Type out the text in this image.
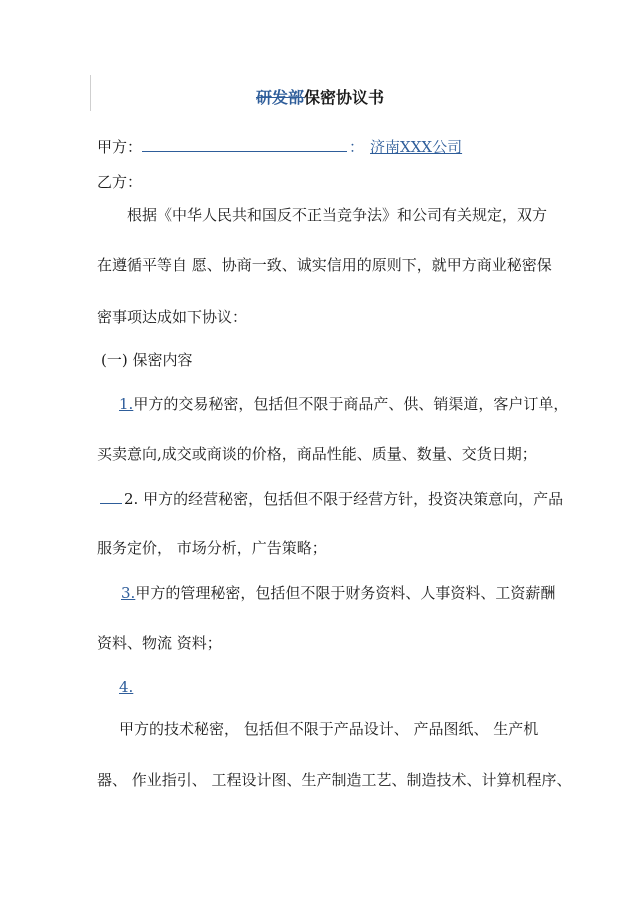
研发部保密协议书
甲方：	： 济南XXX公司
乙方：
根据《中华人民共和国反不正当竞争法》和公司有关规定，双方
在遵循平等自 愿、协商一致、诚实信用的原则下，就甲方商业秘密保
密事项达成如下协议：
(一) 保密内容
1.甲方的交易秘密，包括但不限于商品产、供、销渠道，客户订单，
买卖意向,成交或商谈的价格，商品性能、质量、数量、交货日期；
2. 甲方的经营秘密，包括但不限于经营方针，投资决策意向，产品
服务定价， 市场分析，广告策略；
3.甲方的管理秘密，包括但不限于财务资料、人事资料、工资薪酬
资料、物流 资料；
4.
甲方的技术秘密， 包括但不限于产品设计、 产品图纸、 生产机
器、 作业指引、 工程设计图、生产制造工艺、制造技术、计算机程序、
